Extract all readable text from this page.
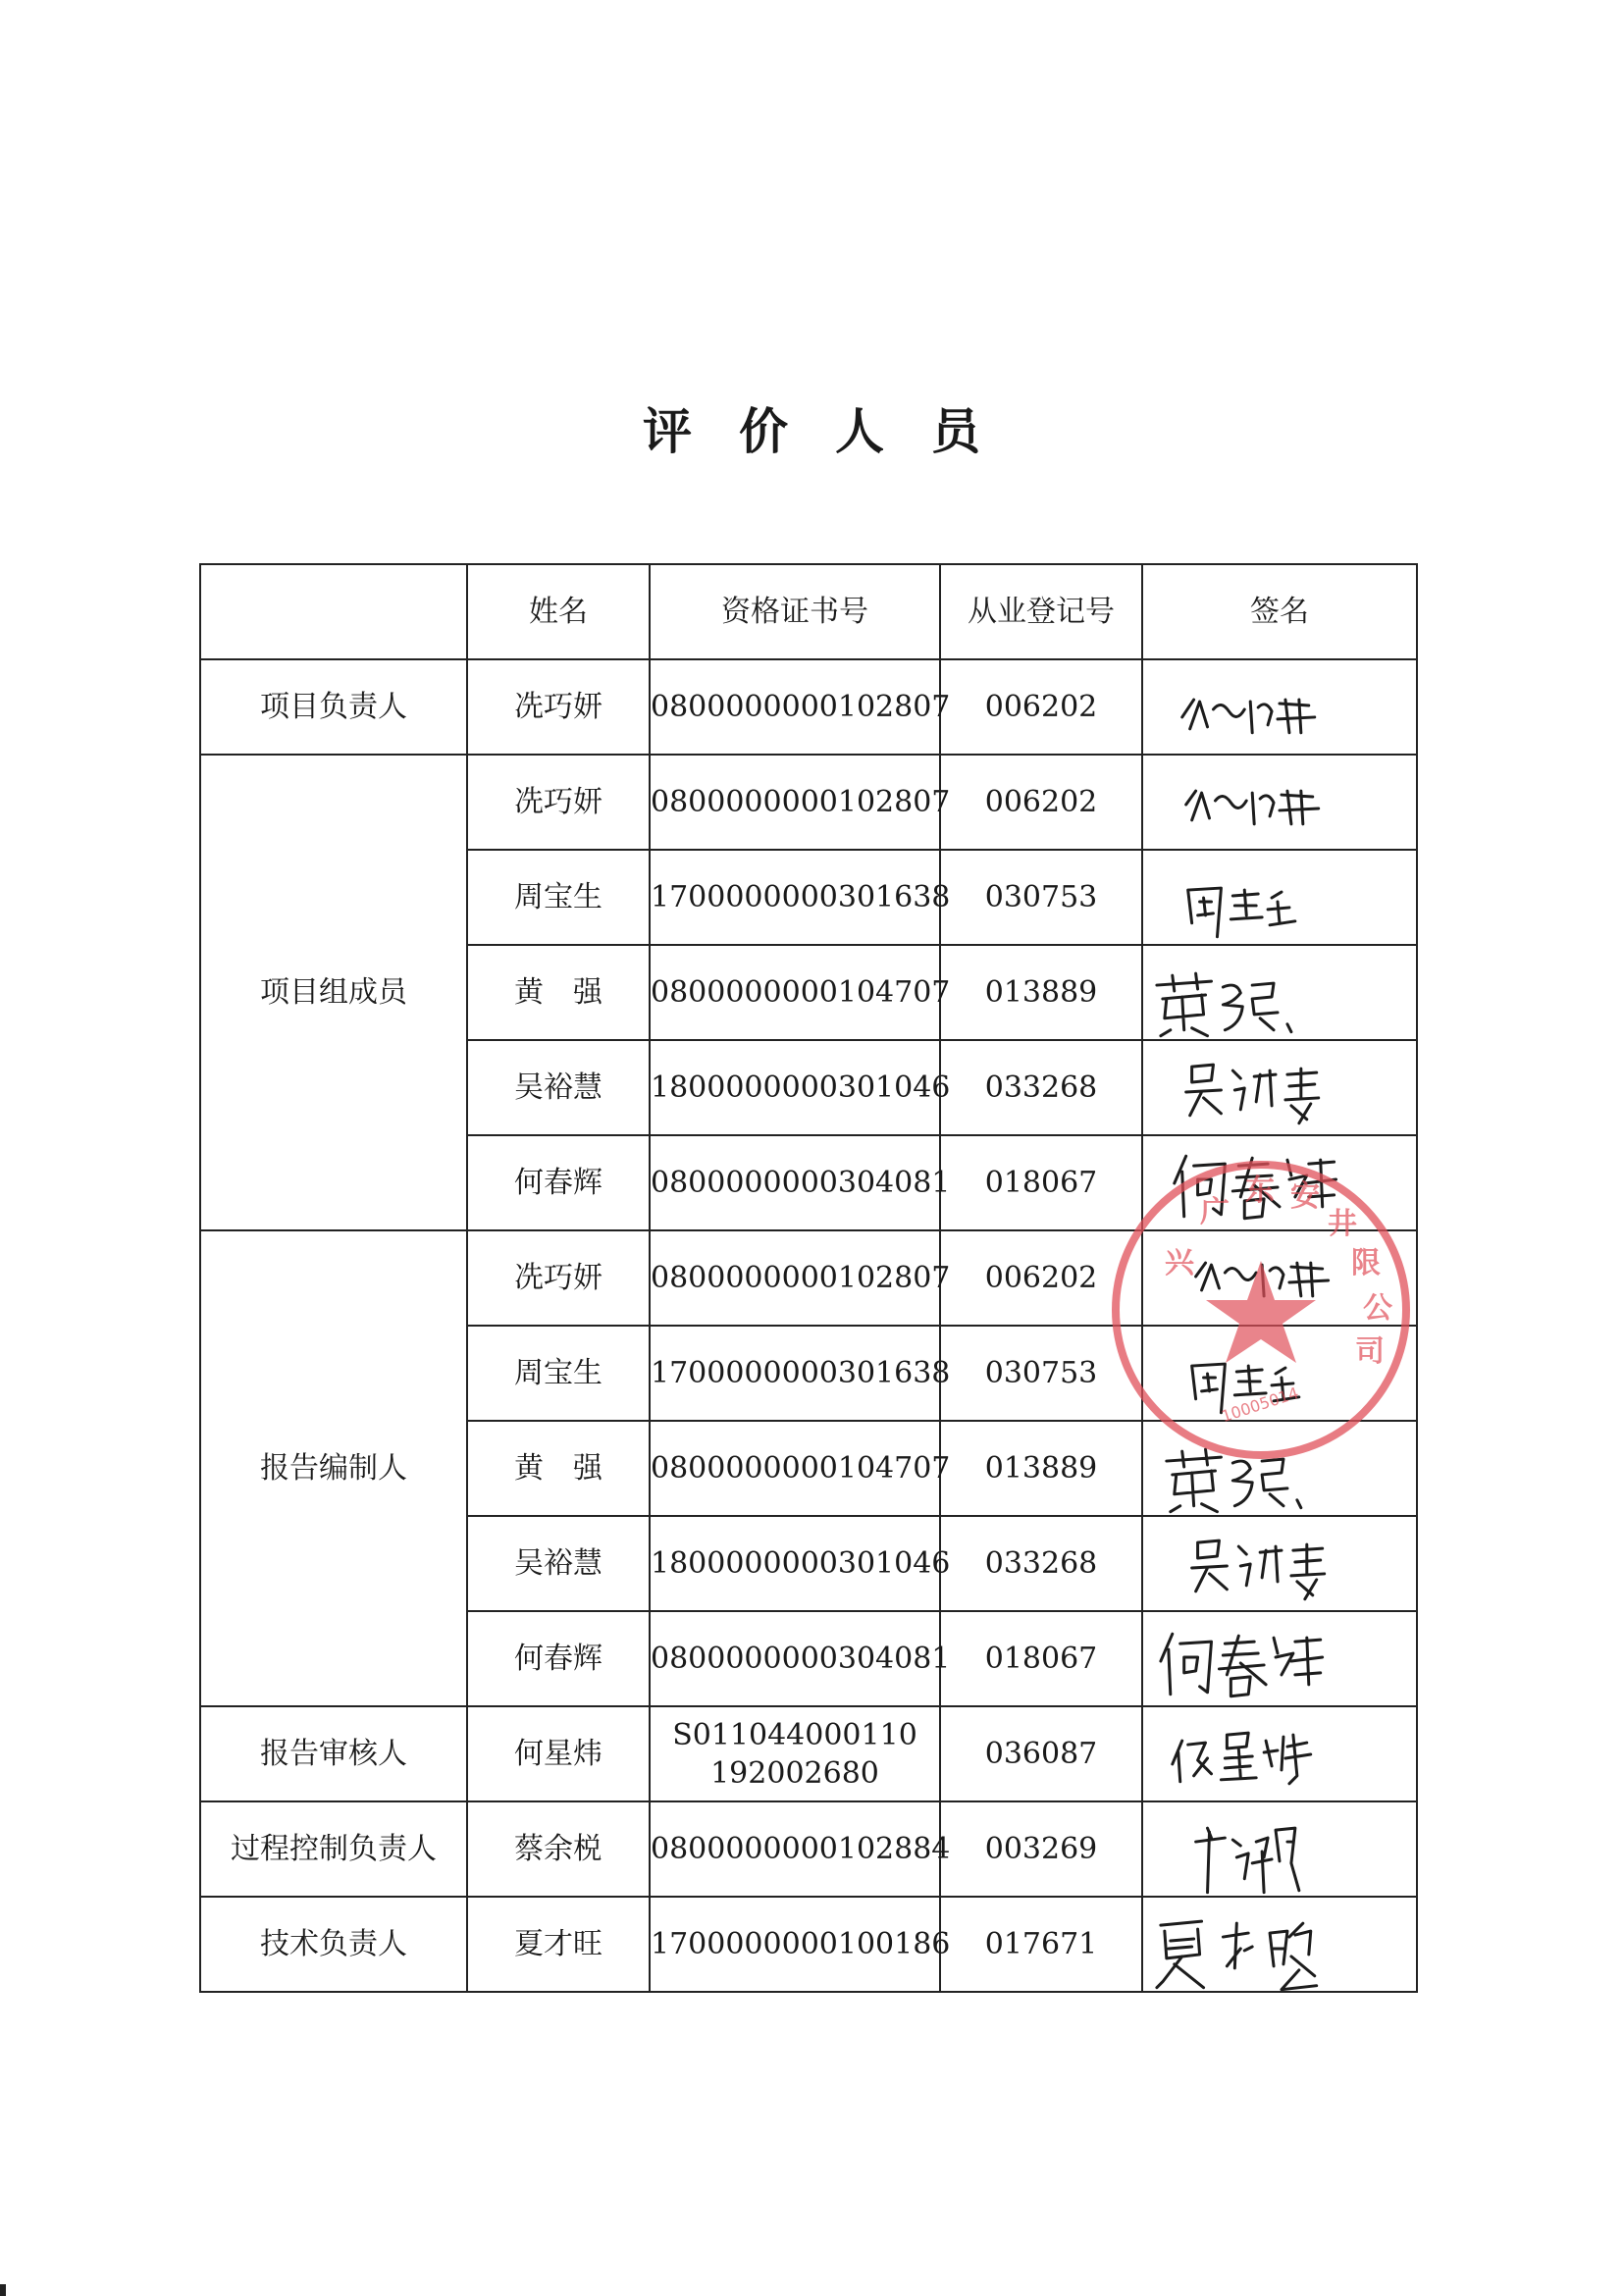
评价人员
	姓名	资格证书号	从业登记号	签名
项目负责人	冼巧妍	0800000000102807	006202	

项目组成员	冼巧妍	0800000000102807	006202	

	周宝生	1700000000301638	030753	

	黄　强	0800000000104707	013889	

	吴裕慧	1800000000301046	033268	

	何春辉	0800000000304081	018067	

报告编制人	冼巧妍	0800000000102807	006202	

	周宝生	1700000000301638	030753	

	黄　强	0800000000104707	013889	

	吴裕慧	1800000000301046	033268	

	何春辉	0800000000304081	018067	

报告审核人	何星炜	S011044000110
192002680	036087	

过程控制负责人	蔡余棁	0800000000102884	003269	

技术负责人	夏才旺	1700000000100186	017671	
兴
广
东 安
井
限
公
司
10005014
